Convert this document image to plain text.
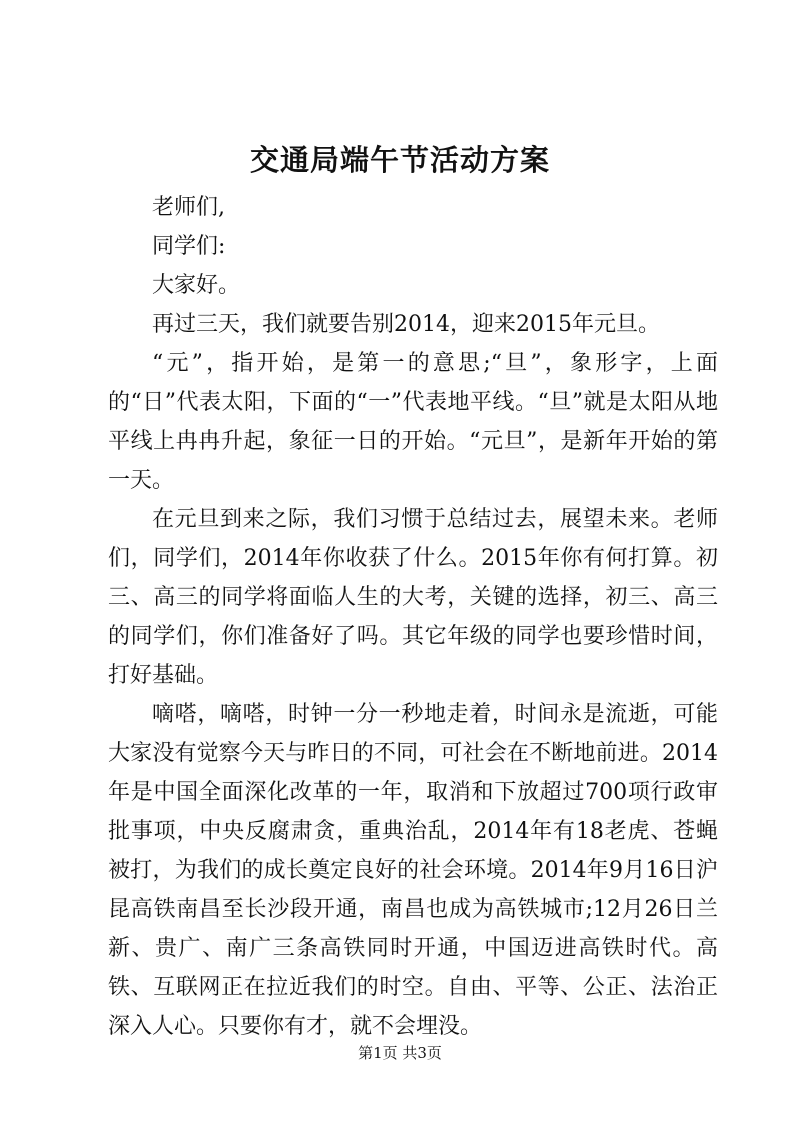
交通局端午节活动方案

老师们,

同学们:

大家好。

再过三天，我们就要告别2014，迎来2015年元旦。

“元”，指开始，是第一的意思;“旦”，象形字，上面的“日”代表太阳，下面的“一”代表地平线。“旦”就是太阳从地平线上冉冉升起，象征一日的开始。“元旦”，是新年开始的第一天。

在元旦到来之际，我们习惯于总结过去，展望未来。老师们，同学们，2014年你收获了什么。2015年你有何打算。初三、高三的同学将面临人生的大考，关键的选择，初三、高三的同学们，你们准备好了吗。其它年级的同学也要珍惜时间，打好基础。

嘀嗒，嘀嗒，时钟一分一秒地走着，时间永是流逝，可能大家没有觉察今天与昨日的不同，可社会在不断地前进。2014年是中国全面深化改革的一年，取消和下放超过700项行政审批事项，中央反腐肃贪，重典治乱，2014年有18老虎、苍蝇被打，为我们的成长奠定良好的社会环境。2014年9月16日沪昆高铁南昌至长沙段开通，南昌也成为高铁城市;12月26日兰新、贵广、南广三条高铁同时开通，中国迈进高铁时代。高铁、互联网正在拉近我们的时空。自由、平等、公正、法治正深入人心。只要你有才，就不会埋没。

第1页 共3页
